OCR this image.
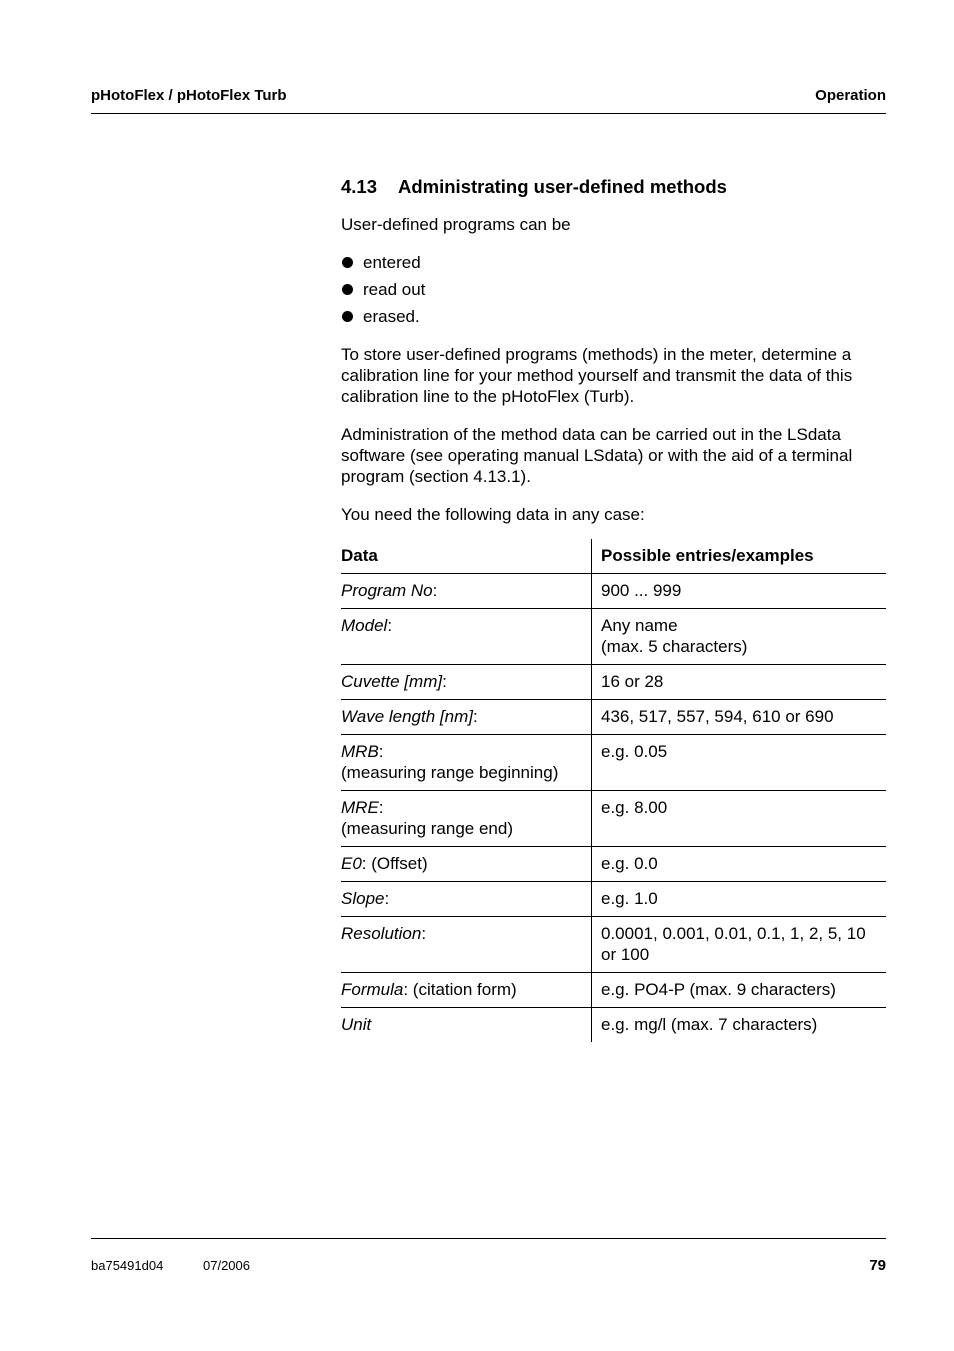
pHotoFlex / pHotoFlex Turb	Operation
4.13 Administrating user-defined methods

User-defined programs can be

entered
read out
erased.

To store user-defined programs (methods) in the meter, determine a calibration line for your method yourself and transmit the data of this calibration line to the pHotoFlex (Turb).

Administration of the method data can be carried out in the LSdata software (see operating manual LSdata) or with the aid of a terminal program (section 4.13.1).

You need the following data in any case:

Data	Possible entries/examples
Program No:	900 ... 999
Model:	Any name
(max. 5 characters)
Cuvette [mm]:	16 or 28
Wave length [nm]:	436, 517, 557, 594, 610 or 690
MRB:
(measuring range beginning)	e.g. 0.05
MRE:
(measuring range end)	e.g. 8.00
E0: (Offset)	e.g. 0.0
Slope:	e.g. 1.0
Resolution:	0.0001, 0.001, 0.01, 0.1, 1, 2, 5, 10 or 100
Formula: (citation form)	e.g. PO4-P (max. 9 characters)
Unit	e.g. mg/l (max. 7 characters)
ba75491d04	07/2006	79
